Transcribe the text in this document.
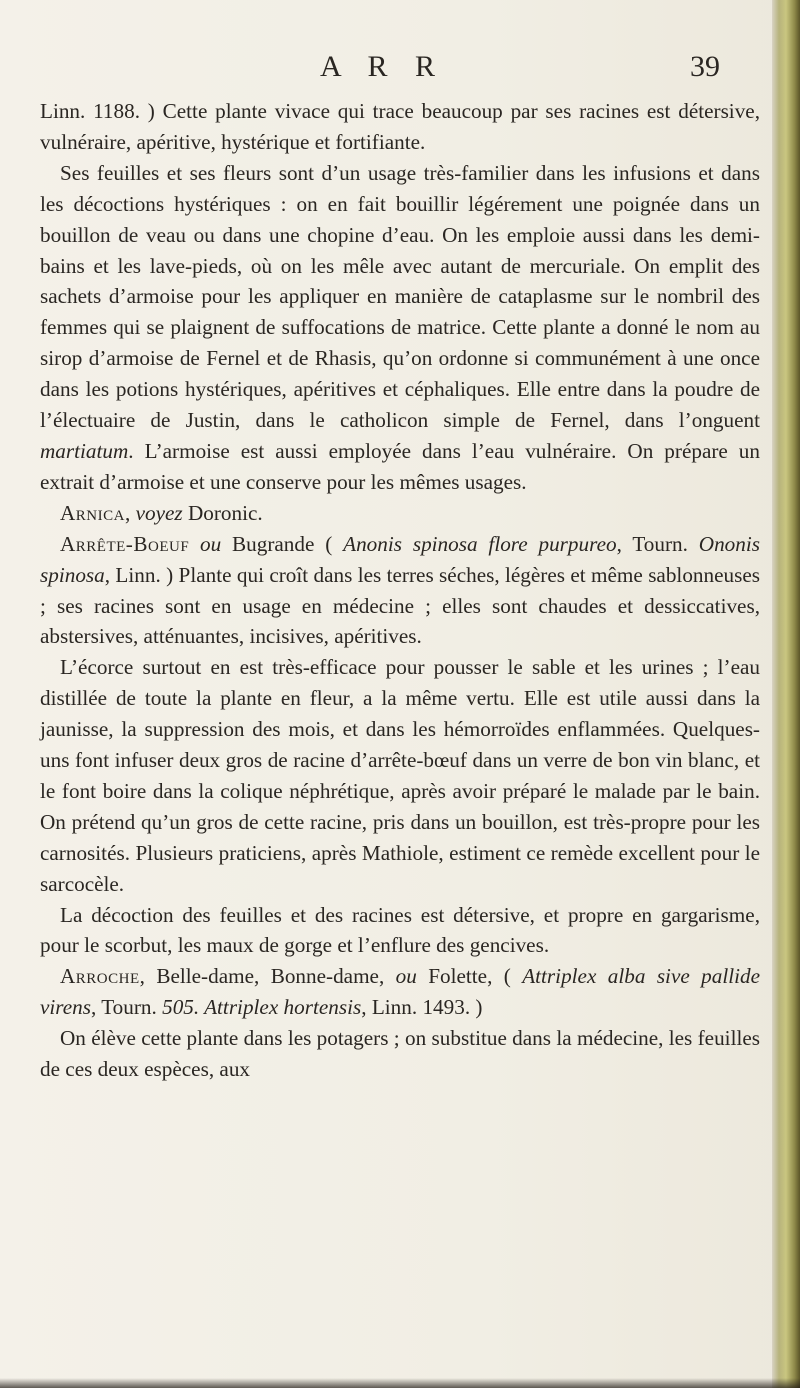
A R R	39

Linn. 1188. ) Cette plante vivace qui trace beaucoup par ses racines est détersive, vulnéraire, apéritive, hystérique et fortifiante.

Ses feuilles et ses fleurs sont d’un usage très-familier dans les infusions et dans les décoctions hystériques : on en fait bouillir légérement une poignée dans un bouillon de veau ou dans une chopine d’eau. On les emploie aussi dans les demi-bains et les lave-pieds, où on les mêle avec autant de mercuriale. On emplit des sachets d’armoise pour les appliquer en manière de cataplasme sur le nombril des femmes qui se plaignent de suffocations de matrice. Cette plante a donné le nom au sirop d’armoise de Fernel et de Rhasis, qu’on ordonne si communément à une once dans les potions hystériques, apéritives et céphaliques. Elle entre dans la poudre de l’électuaire de Justin, dans le catholicon simple de Fernel, dans l’onguent martiatum. L’armoise est aussi employée dans l’eau vulnéraire. On prépare un extrait d’armoise et une conserve pour les mêmes usages.

Arnica, voyez Doronic.

Arrête-Boeuf ou Bugrande ( Anonis spinosa flore purpureo, Tourn. Ononis spinosa, Linn. ) Plante qui croît dans les terres séches, légères et même sablonneuses ; ses racines sont en usage en médecine ; elles sont chaudes et dessiccatives, abstersives, atténuantes, incisives, apéritives.

L’écorce surtout en est très-efficace pour pousser le sable et les urines ; l’eau distillée de toute la plante en fleur, a la même vertu. Elle est utile aussi dans la jaunisse, la suppression des mois, et dans les hémorroïdes enflammées. Quelques-uns font infuser deux gros de racine d’arrête-bœuf dans un verre de bon vin blanc, et le font boire dans la colique néphrétique, après avoir préparé le malade par le bain. On prétend qu’un gros de cette racine, pris dans un bouillon, est très-propre pour les carnosités. Plusieurs praticiens, après Mathiole, estiment ce remède excellent pour le sarcocèle.

La décoction des feuilles et des racines est détersive, et propre en gargarisme, pour le scorbut, les maux de gorge et l’enflure des gencives.

Arroche, Belle-dame, Bonne-dame, ou Folette, ( Attriplex alba sive pallide virens, Tourn. 505. Attriplex hortensis, Linn. 1493. )

On élève cette plante dans les potagers ; on substitue dans la médecine, les feuilles de ces deux espèces, aux
